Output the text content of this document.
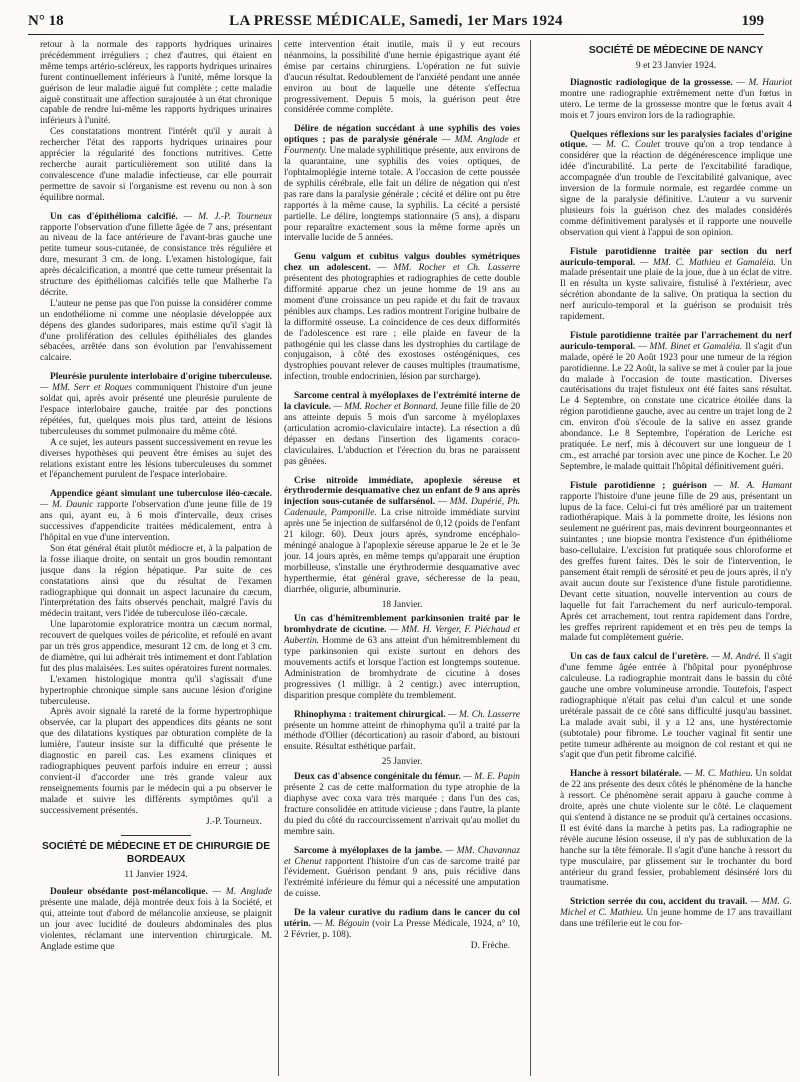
N° 18	LA PRESSE MÉDICALE, Samedi, 1er Mars 1924	199

retour à la normale des rapports hydriques urinaires précédemment irréguliers ; chez d'autres, qui étaient en même temps artério-scléreux, les rapports hydriques urinaires furent continuellement inférieurs à l'unité, même lorsque la guérison de leur maladie aiguë fut complète ; cette maladie aiguë constituait une affection surajoutée à un état chronique capable de rendre lui-même les rapports hydriques urinaires inférieurs à l'unité.

Ces constatations montrent l'intérêt qu'il y aurait à rechercher l'état des rapports hydriques urinaires pour apprécier la régularité des fonctions nutritives. Cette recherche aurait particulièrement son utilité dans la convalescence d'une maladie infectieuse, car elle pourrait permettre de savoir si l'organisme est revenu ou non à son équilibre normal.

Un cas d'épithélioma calcifié. — M. J.-P. Tourneux rapporte l'observation d'une fillette âgée de 7 ans, présentant au niveau de la face antérieure de l'avant-bras gauche une petite tumeur sous-cutanée, de consistance très régulière et dure, mesurant 3 cm. de long. L'examen histologique, fait après décalcification, a montré que cette tumeur présentait la structure des épithéliomas calcifiés telle que Malherbe l'a décrite.

L'auteur ne pense pas que l'on puisse la considérer comme un endothéliome ni comme une néoplasie développée aux dépens des glandes sudoripares, mais estime qu'il s'agit là d'une prolifération des cellules épithéliales des glandes sébacées, arrêtée dans son évolution par l'envahissement calcaire.

Pleurésie purulente interlobaire d'origine tuberculeuse. — MM. Serr et Roques communiquent l'histoire d'un jeune soldat qui, après avoir présenté une pleurésie purulente de l'espace interlobaire gauche, traitée par des ponctions répétées, fut, quelques mois plus tard, atteint de lésions tuberculeuses du sommet pulmonaire du même côté.

A ce sujet, les auteurs passent successivement en revue les diverses hypothèses qui peuvent être émises au sujet des relations existant entre les lésions tuberculeuses du sommet et l'épanchement purulent de l'espace interlobaire.

Appendice géant simulant une tuberculose iléo-cæcale. — M. Daunic rapporte l'observation d'une jeune fille de 19 ans qui, ayant eu, à 6 mois d'intervalle, deux crises successives d'appendicite traitées médicalement, entra à l'hôpital en vue d'une intervention.

Son état général était plutôt médiocre et, à la palpation de la fosse iliaque droite, on sentait un gros boudin remontant jusque dans la région hépatique. Par suite de ces constatations ainsi que du résultat de l'examen radiographique qui donnait un aspect lacunaire du cæcum, l'interprétation des faits observés penchait, malgré l'avis du médecin traitant, vers l'idée de tuberculose iléo-cæcale.

Une laparotomie exploratrice montra un cæcum normal, recouvert de quelques voiles de péricolite, et refoulé en avant par un très gros appendice, mesurant 12 cm. de long et 3 cm. de diamètre, qui lui adhérait très intimement et dont l'ablation fut des plus malaisées. Les suites opératoires furent normales.

L'examen histologique montra qu'il s'agissait d'une hypertrophie chronique simple sans aucune lésion d'origine tuberculeuse.

Après avoir signalé la rareté de la forme hypertrophique observée, car la plupart des appendices dits géants ne sont que des dilatations kystiques par obturation complète de la lumière, l'auteur insiste sur la difficulté que présente le diagnostic en pareil cas. Les examens cliniques et radiographiques peuvent parfois induire en erreur ; aussi convient-il d'accorder une très grande valeur aux renseignements fournis par le médecin qui a pu observer le malade et suivre les différents symptômes qu'il a successivement présentés.

J.-P. Tourneux.

SOCIÉTÉ DE MÉDECINE ET DE CHIRURGIE DE BORDEAUX
11 Janvier 1924.

Douleur obsédante post-mélancolique. — M. Anglade présente une malade, déjà montrée deux fois à la Société, et qui, atteinte tout d'abord de mélancolie anxieuse, se plaignit un jour avec lucidité de douleurs abdominales des plus violentes, réclamant une intervention chirurgicale. M. Anglade estime que

cette intervention était inutile, mais il y eut recours néanmoins, la possibilité d'une hernie épigastrique ayant été émise par certains chirurgiens. L'opération ne fut suivie d'aucun résultat. Redoublement de l'anxiété pendant une année environ au bout de laquelle une détente s'effectua progressivement. Depuis 5 mois, la guérison peut être considérée comme complète.

Délire de négation succédant à une syphilis des voies optiques ; pas de paralysie générale — MM. Anglade et Fourmenty. Une malade syphilitique présente, aux environs de la quarantaine, une syphilis des voies optiques, de l'ophtalmoplégie interne totale. A l'occasion de cette poussée de syphilis cérébrale, elle fait un délire de négation qui n'est pas rare dans la paralysie générale ; cécité et délire ont pu être rapportés à la même cause, la syphilis. La cécité a persisté partielle. Le délire, longtemps stationnaire (5 ans), a disparu pour reparaître exactement sous la même forme après un intervalle lucide de 5 années.

Genu valgum et cubitus valgus doubles symétriques chez un adolescent. — MM. Rocher et Ch. Lasserre présentent des photographies et radiographies de cette double difformité apparue chez un jeune homme de 19 ans au moment d'une croissance un peu rapide et du fait de travaux pénibles aux champs. Les radios montrent l'origine bulbaire de la difformité osseuse. La coïncidence de ces deux difformités de l'adolescence est rare ; elle plaide en faveur de la pathogénie qui les classe dans les dystrophies du cartilage de conjugaison, à côté des exostoses ostéogéniques, ces dystrophies pouvant relever de causes multiples (traumatisme, infection, trouble endocrinien, lésion par surcharge).

Sarcome central à myéloplaxes de l'extrémité interne de la clavicule. — MM. Rocher et Bonnard. Jeune fille fille de 20 ans atteinte depuis 5 mois d'un sarcome à myéloplaxes (articulation acromio-claviculaire intacte). La résection a dû dépasser en dedans l'insertion des ligaments coraco-claviculaires. L'abduction et l'érection du bras ne paraissent pas gênées.

Crise nitroïde immédiate, apoplexie séreuse et érythrodermie desquamative chez un enfant de 9 ans après injection sous-cutanée de sulfarsénol. — MM. Dupérié, Ph. Cadenaule, Pamponille. La crise nitroïde immédiate survint après une 5e injection de sulfarsénol de 0,12 (poids de l'enfant 21 kilogr. 60). Deux jours après, syndrome encéphalo-méningé analogue à l'apoplexie séreuse apparue le 2e et le 3e jour. 14 jours après, en même temps qu'apparait une éruption morbilleuse, s'installe une érythrodermie desquamative avec hyperthermie, état général grave, sécheresse de la peau, diarrhée, oligurie, albuminurie.

18 Janvier.

Un cas d'hémitremblement parkinsonien traité par le bromhydrate de cicutine. — MM. H. Verger, F. Piéchaud et Aubertin. Homme de 63 ans atteint d'un hémitremblement du type parkinsonien qui existe surtout en dehors des mouvements actifs et lorsque l'action est longtemps soutenue. Administration de bromhydrate de cicutine à doses progressives (1 milligr. à 2 centigr.) avec interruption, disparition presque complète du tremblement.

Rhinophyma : traitement chirurgical. — M. Ch. Lasserre présente un homme atteint de rhinophyma qu'il a traité par la méthode d'Ollier (décortication) au rasoir d'abord, au bistouri ensuite. Résultat esthétique parfait.

25 Janvier.

Deux cas d'absence congénitale du fémur. — M. E. Papin présente 2 cas de cette malformation du type atrophie de la diaphyse avec coxa vara très marquée ; dans l'un des cas, fracture consolidée en attitude vicieuse ; dans l'autre, la plante du pied du côté du raccourcissement n'arrivait qu'au mollet du membre sain.

Sarcome à myéloplaxes de la jambe. — MM. Chavannaz et Chenut rapportent l'histoire d'un cas de sarcome traité par l'évidement. Guérison pendant 9 ans, puis récidive dans l'extrémité inférieure du fémur qui a nécessité une amputation de cuisse.

De la valeur curative du radium dans le cancer du col utérin. — M. Bégouin (voir La Presse Médicale, 1924, n° 10, 2 Février, p. 108).

D. Frèche.

SOCIÉTÉ DE MÉDECINE DE NANCY
9 et 23 Janvier 1924.

Diagnostic radiologique de la grossesse. — M. Hauriot montre une radiographie extrêmement nette d'un fœtus in utero. Le terme de la grossesse montre que le fœtus avait 4 mois et 7 jours environ lors de la radiographie.

Quelques réflexions sur les paralysies faciales d'origine otique. — M. C. Coulet trouve qu'on a trop tendance à considérer que la réaction de dégénérescence implique une idée d'incurabilité. La perte de l'excitabilité faradique, accompagnée d'un trouble de l'excitabilité galvanique, avec inversion de la formule normale, est regardée comme un signe de la paralysie définitive. L'auteur a vu survenir plusieurs fois la guérison chez des malades considérés comme définitivement paralysés et il rapporte une nouvelle observation qui vient à l'appui de son opinion.

Fistule parotidienne traitée par section du nerf auriculo-temporal. — MM. C. Mathieu et Gamaléia. Un malade présentait une plaie de la joue, due à un éclat de vitre. Il en résulta un kyste salivaire, fistulisé à l'extérieur, avec sécrétion abondante de la salive. On pratiqua la section du nerf auriculo-temporal et la guérison se produisit très rapidement.

Fistule parotidienne traitée par l'arrachement du nerf auriculo-temporal. — MM. Binet et Gamaléia. Il s'agit d'un malade, opéré le 20 Août 1923 pour une tumeur de la région parotidienne. Le 22 Août, la salive se met à couler par la joue du malade à l'occasion de toute mastication. Diverses cautérisations du trajet fistuleux ont été faites sans résultat. Le 4 Septembre, on constate une cicatrice étoilée dans la région parotidienne gauche, avec au centre un trajet long de 2 cm. environ d'où s'écoule de la salive en assez grande abondance. Le 8 Septembre, l'opération de Leriche est pratiquée. Le nerf, mis à découvert sur une longueur de 1 cm., est arraché par torsion avec une pince de Kocher. Le 20 Septembre, le malade quittait l'hôpital définitivement guéri.

Fistule parotidienne ; guérison — M. A. Hamant rapporte l'histoire d'une jeune fille de 29 aus, présentant un lupus de la face. Celui-ci fut très amélioré par un traitement radiothérapique. Mais à la pommette droite, les lésions non seulement ne guérirent pas, mais devinrent bourgeonnantes et suintantes ; une biopsie montra l'existence d'un épithéliome baso-cellulaire. L'excision fut pratiquée sous chloroforme et des greffes furent faites. Dès le soir de l'intervention, le pansement était rempli de sérosité et peu de jours après, il n'y avait aucun doute sur l'existence d'une fistule parotidienne. Devant cette situation, nouvelle intervention au cours de laquelle fut fait l'arrachement du nerf auriculo-temporal. Après cet arrachement, tout rentra rapidement dans l'ordre, les greffes reprirent rapidement et en très peu de temps la malade fut complètement guérie.

Un cas de faux calcul de l'uretère. — M. André. Il s'agit d'une femme âgée entrée à l'hôpital pour pyonéphrose calculeuse. La radiographie montrait dans le bassin du côté gauche une ombre volumineuse arrondie. Toutefois, l'aspect radiographique n'était pas celui d'un calcul et une sonde urétérale passait de ce côté sans difficulté jusqu'au bassinet. La malade avait subi, il y a 12 ans, une hystérectomie (subtotale) pour fibrome. Le toucher vaginal fit sentir une petite tumeur adhérente au moignon de col restant et qui ne s'agit que d'un petit fibrome calcifié.

Hanche à ressort bilatérale. — M. C. Mathieu. Un soldat de 22 ans présente des deux côtés le phénomène de la hanche à ressort. Ce phénomène serait apparu à gauche comme à droite, après une chute violente sur le côté. Le claquement qui s'entend à distance ne se produit qu'à certaines occasions. Il est évité dans la marche à petits pas. La radiographie ne révèle aucune lésion osseuse, il n'y pas de subluxation de la hanche sur la tête fémorale. Il s'agit d'une hanche à ressort du type musculaire, par glissement sur le trochanter du bord antérieur du grand fessier, probablement désinséré lors du traumatisme.

Striction serrée du cou, accident du travail. — MM. G. Michel et C. Mathieu. Un jeune homme de 17 ans travaillant dans une tréfilerie eut le cou for-
